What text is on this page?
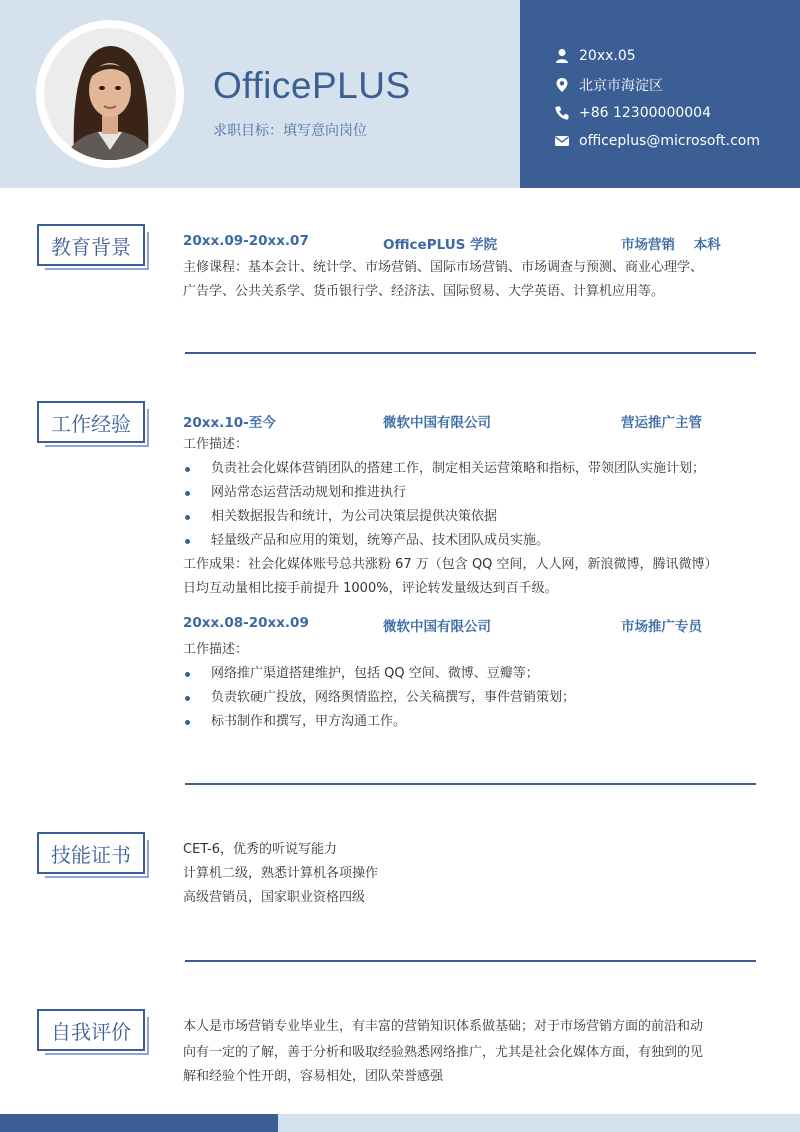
OfficePLUS
求职目标：填写意向岗位
20xx.05
北京市海淀区
+86 12300000004
officeplus@microsoft.com
教育背景	20xx.09-20xx.07	OfficePLUS 学院	市场营销    本科
主修课程：基本会计、统计学、市场营销、国际市场营销、市场调查与预测、商业心理学、
广告学、公共关系学、货币银行学、经济法、国际贸易、大学英语、计算机应用等。
工作经验	20xx.10-至今	微软中国有限公司	营运推广主管
工作描述：
负责社会化媒体营销团队的搭建工作，制定相关运营策略和指标，带领团队实施计划；
网站常态运营活动规划和推进执行
相关数据报告和统计，为公司决策层提供决策依据
轻量级产品和应用的策划，统筹产品、技术团队成员实施。
工作成果：社会化媒体账号总共涨粉 67 万（包含 QQ 空间，人人网，新浪微博，腾讯微博）
日均互动量相比接手前提升 1000%，评论转发量级达到百千级。
20xx.08-20xx.09	微软中国有限公司	市场推广专员
工作描述：
网络推广渠道搭建维护，包括 QQ 空间、微博、豆瓣等；
负责软硬广投放，网络舆情监控，公关稿撰写，事件营销策划；
标书制作和撰写，甲方沟通工作。
技能证书	CET-6，优秀的听说写能力
计算机二级，熟悉计算机各项操作
高级营销员，国家职业资格四级
自我评价	本人是市场营销专业毕业生，有丰富的营销知识体系做基础；对于市场营销方面的前沿和动
向有一定的了解，善于分析和吸取经验熟悉网络推广，尤其是社会化媒体方面，有独到的见
解和经验个性开朗，容易相处，团队荣誉感强
